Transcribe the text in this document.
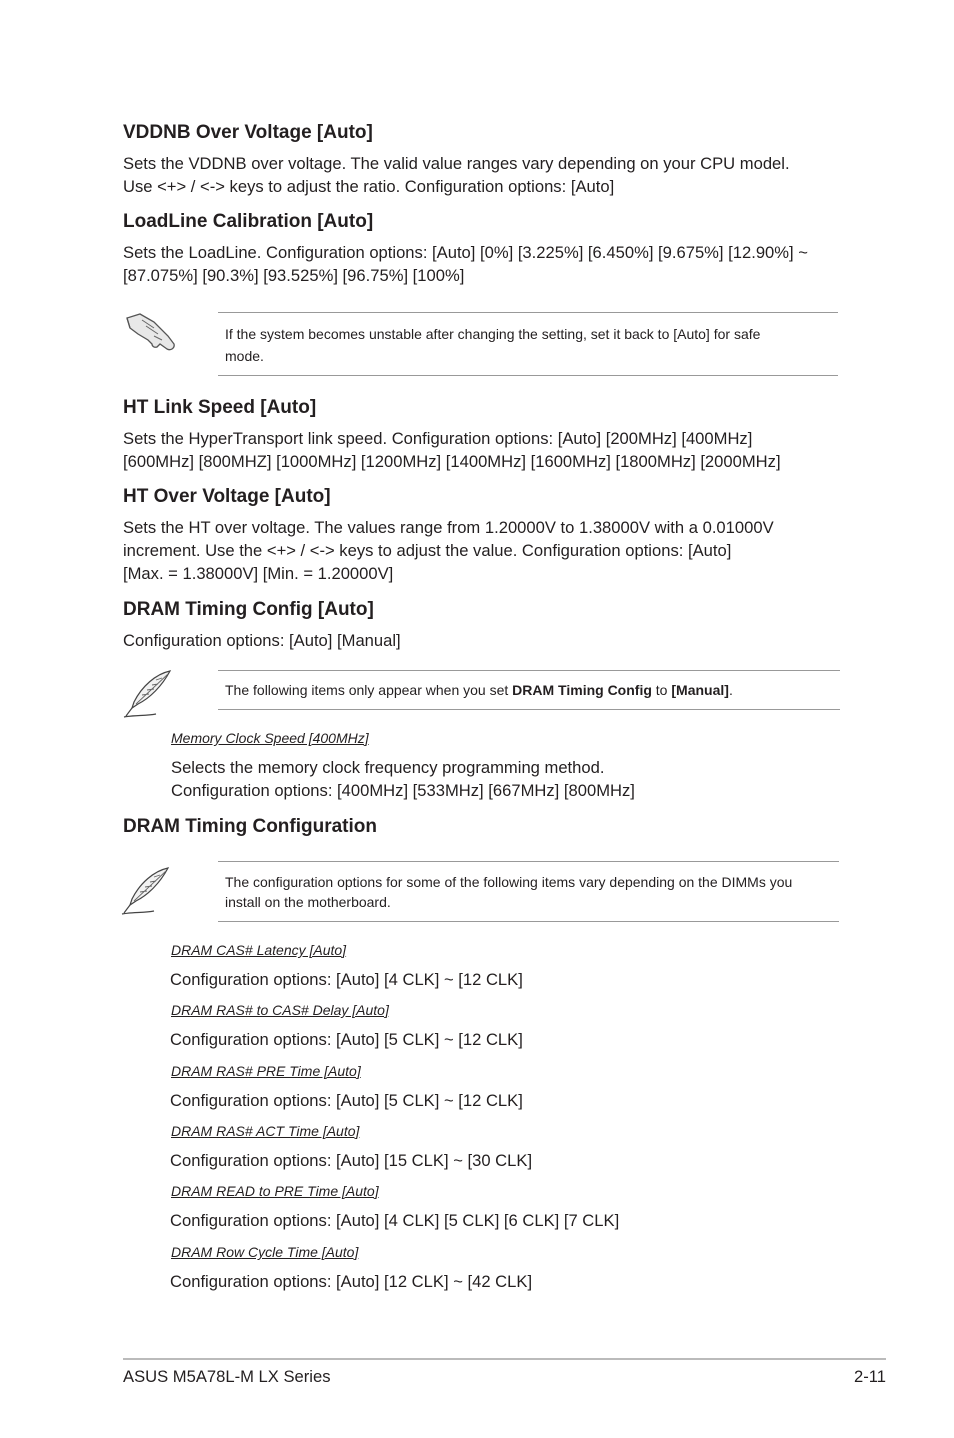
VDDNB Over Voltage [Auto]

Sets the VDDNB over voltage. The valid value ranges vary depending on your CPU model.
Use <+> / <-> keys to adjust the ratio. Configuration options: [Auto]

LoadLine Calibration [Auto]

Sets the LoadLine. Configuration options: [Auto] [0%] [3.225%] [6.450%] [9.675%] [12.90%] ~
[87.075%] [90.3%] [93.525%] [96.75%] [100%]

If the system becomes unstable after changing the setting, set it back to [Auto] for safe
mode.
HT Link Speed [Auto]

Sets the HyperTransport link speed. Configuration options: [Auto] [200MHz] [400MHz]
[600MHz] [800MHZ] [1000MHz] [1200MHz] [1400MHz] [1600MHz] [1800MHz] [2000MHz]

HT Over Voltage [Auto]

Sets the HT over voltage. The values range from 1.20000V to 1.38000V with a 0.01000V
increment. Use the <+> / <-> keys to adjust the value. Configuration options: [Auto]
[Max. = 1.38000V] [Min. = 1.20000V]

DRAM Timing Config [Auto]

Configuration options: [Auto] [Manual]

The following items only appear when you set DRAM Timing Config to [Manual].

Memory Clock Speed [400MHz]

Selects the memory clock frequency programming method.
Configuration options: [400MHz] [533MHz] [667MHz] [800MHz]

DRAM Timing Configuration
The configuration options for some of the following items vary depending on the DIMMs you
install on the motherboard.

DRAM CAS# Latency [Auto]

Configuration options: [Auto] [4 CLK] ~ [12 CLK]

DRAM RAS# to CAS# Delay [Auto]

Configuration options: [Auto] [5 CLK] ~ [12 CLK]

DRAM RAS# PRE Time [Auto]

Configuration options: [Auto] [5 CLK] ~ [12 CLK]

DRAM RAS# ACT Time [Auto]

Configuration options: [Auto] [15 CLK] ~ [30 CLK]

DRAM READ to PRE Time [Auto]

Configuration options: [Auto] [4 CLK] [5 CLK] [6 CLK] [7 CLK]

DRAM Row Cycle Time [Auto]

Configuration options: [Auto] [12 CLK] ~ [42 CLK]

ASUS M5A78L-M LX Series	2-11
